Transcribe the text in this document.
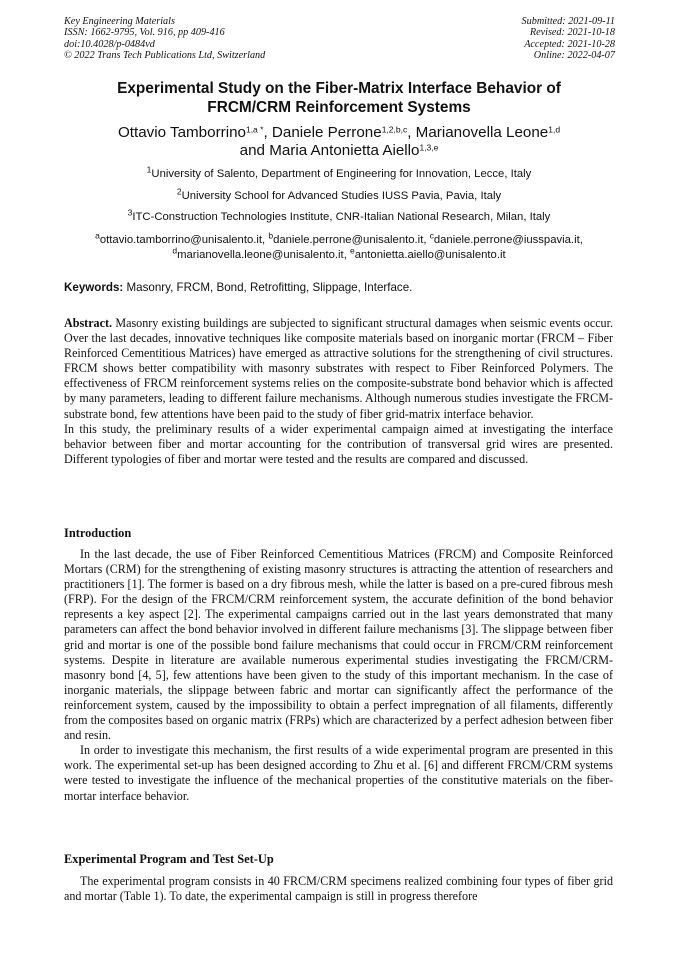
Key Engineering Materials
ISSN: 1662-9795, Vol. 916, pp 409-416
doi:10.4028/p-0484vd
© 2022 Trans Tech Publications Ltd, Switzerland
Submitted: 2021-09-11
Revised: 2021-10-18
Accepted: 2021-10-28
Online: 2022-04-07
Experimental Study on the Fiber-Matrix Interface Behavior of
FRCM/CRM Reinforcement Systems
Ottavio Tamborrino$^{1,a *}$, Daniele Perrone$^{1,2,b,c}$, Marianovella Leone$^{1,d}$
and Maria Antonietta Aiello$^{1,3,e}$
$^1$University of Salento, Department of Engineering for Innovation, Lecce, Italy
$^2$University School for Advanced Studies IUSS Pavia, Pavia, Italy
$^3$ITC-Construction Technologies Institute, CNR-Italian National Research, Milan, Italy
$^a$ottavio.tamborrino@unisalento.it, $^b$daniele.perrone@unisalento.it, $^c$daniele.perrone@iusspavia.it,
$^d$marianovella.leone@unisalento.it, $^e$antonietta.aiello@unisalento.it
Keywords: Masonry, FRCM, Bond, Retrofitting, Slippage, Interface.

Abstract. Masonry existing buildings are subjected to significant structural damages when seismic events occur. Over the last decades, innovative techniques like composite materials based on inorganic mortar (FRCM – Fiber Reinforced Cementitious Matrices) have emerged as attractive solutions for the strengthening of civil structures. FRCM shows better compatibility with masonry substrates with respect to Fiber Reinforced Polymers. The effectiveness of FRCM reinforcement systems relies on the composite-substrate bond behavior which is affected by many parameters, leading to different failure mechanisms. Although numerous studies investigate the FRCM-substrate bond, few attentions have been paid to the study of fiber grid-matrix interface behavior.

In this study, the preliminary results of a wider experimental campaign aimed at investigating the interface behavior between fiber and mortar accounting for the contribution of transversal grid wires are presented. Different typologies of fiber and mortar were tested and the results are compared and discussed.

Introduction

In the last decade, the use of Fiber Reinforced Cementitious Matrices (FRCM) and Composite Reinforced Mortars (CRM) for the strengthening of existing masonry structures is attracting the attention of researchers and practitioners [1]. The former is based on a dry fibrous mesh, while the latter is based on a pre-cured fibrous mesh (FRP). For the design of the FRCM/CRM reinforcement system, the accurate definition of the bond behavior represents a key aspect [2]. The experimental campaigns carried out in the last years demonstrated that many parameters can affect the bond behavior involved in different failure mechanisms [3]. The slippage between fiber grid and mortar is one of the possible bond failure mechanisms that could occur in FRCM/CRM reinforcement systems. Despite in literature are available numerous experimental studies investigating the FRCM/CRM-masonry bond [4, 5], few attentions have been given to the study of this important mechanism. In the case of inorganic materials, the slippage between fabric and mortar can significantly affect the performance of the reinforcement system, caused by the impossibility to obtain a perfect impregnation of all filaments, differently from the composites based on organic matrix (FRPs) which are characterized by a perfect adhesion between fiber and resin.

In order to investigate this mechanism, the first results of a wide experimental program are presented in this work. The experimental set-up has been designed according to Zhu et al. [6] and different FRCM/CRM systems were tested to investigate the influence of the mechanical properties of the constitutive materials on the fiber-mortar interface behavior.

Experimental Program and Test Set-Up

The experimental program consists in 40 FRCM/CRM specimens realized combining four types of fiber grid and mortar (Table 1). To date, the experimental campaign is still in progress therefore
